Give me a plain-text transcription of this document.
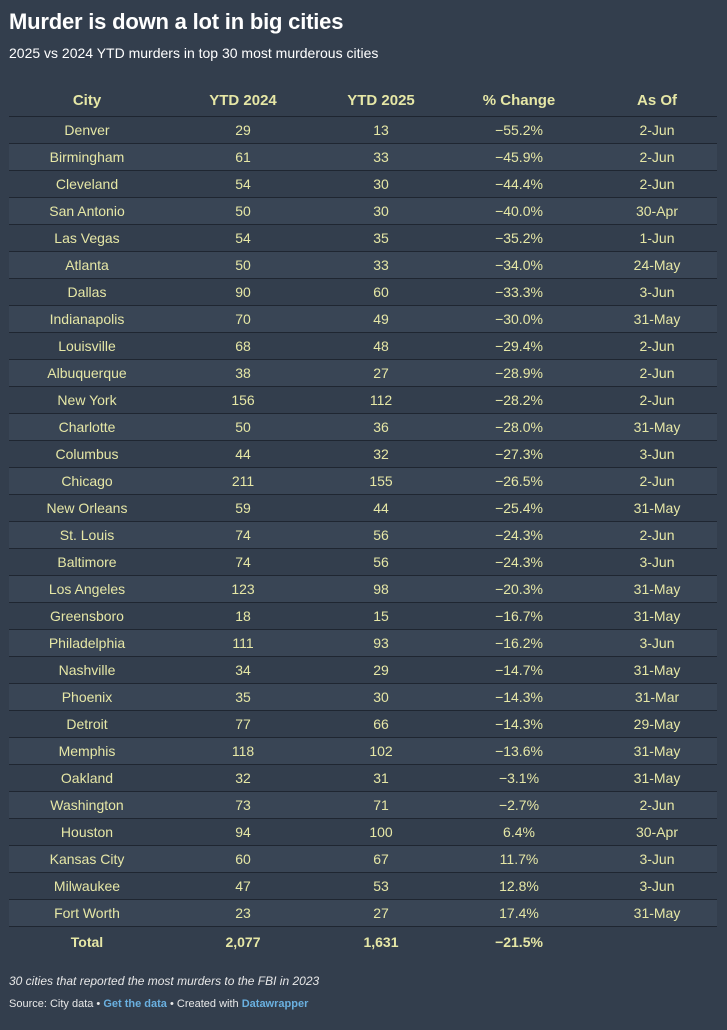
Murder is down a lot in big cities
2025 vs 2024 YTD murders in top 30 most murderous cities
City	YTD 2024	YTD 2025	% Change	As Of
Denver	29	13	−55.2%	2-Jun
Birmingham	61	33	−45.9%	2-Jun
Cleveland	54	30	−44.4%	2-Jun
San Antonio	50	30	−40.0%	30-Apr
Las Vegas	54	35	−35.2%	1-Jun
Atlanta	50	33	−34.0%	24-May
Dallas	90	60	−33.3%	3-Jun
Indianapolis	70	49	−30.0%	31-May
Louisville	68	48	−29.4%	2-Jun
Albuquerque	38	27	−28.9%	2-Jun
New York	156	112	−28.2%	2-Jun
Charlotte	50	36	−28.0%	31-May
Columbus	44	32	−27.3%	3-Jun
Chicago	211	155	−26.5%	2-Jun
New Orleans	59	44	−25.4%	31-May
St. Louis	74	56	−24.3%	2-Jun
Baltimore	74	56	−24.3%	3-Jun
Los Angeles	123	98	−20.3%	31-May
Greensboro	18	15	−16.7%	31-May
Philadelphia	111	93	−16.2%	3-Jun
Nashville	34	29	−14.7%	31-May
Phoenix	35	30	−14.3%	31-Mar
Detroit	77	66	−14.3%	29-May
Memphis	118	102	−13.6%	31-May
Oakland	32	31	−3.1%	31-May
Washington	73	71	−2.7%	2-Jun
Houston	94	100	6.4%	30-Apr
Kansas City	60	67	11.7%	3-Jun
Milwaukee	47	53	12.8%	3-Jun
Fort Worth	23	27	17.4%	31-May
Total	2,077	1,631	−21.5%	
30 cities that reported the most murders to the FBI in 2023
Source: City data • Get the data • Created with Datawrapper
